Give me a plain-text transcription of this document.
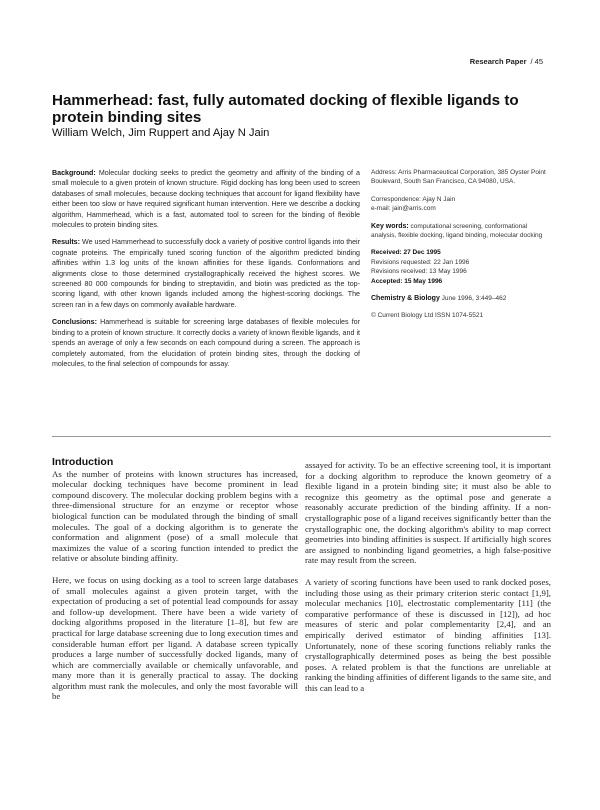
Research Paper / 45
Hammerhead: fast, fully automated docking of flexible ligands to protein binding sites

William Welch, Jim Ruppert and Ajay N Jain

Background: Molecular docking seeks to predict the geometry and affinity of the binding of a small molecule to a given protein of known structure. Rigid docking has long been used to screen databases of small molecules, because docking techniques that account for ligand flexibility have either been too slow or have required significant human intervention. Here we describe a docking algorithm, Hammerhead, which is a fast, automated tool to screen for the binding of flexible molecules to protein binding sites.

Results: We used Hammerhead to successfully dock a variety of positive control ligands into their cognate proteins. The empirically tuned scoring function of the algorithm predicted binding affinities within 1.3 log units of the known affinities for these ligands. Conformations and alignments close to those determined crystallographically received the highest scores. We screened 80 000 compounds for binding to streptavidin, and biotin was predicted as the top-scoring ligand, with other known ligands included among the highest-scoring dockings. The screen ran in a few days on commonly available hardware.

Conclusions: Hammerhead is suitable for screening large databases of flexible molecules for binding to a protein of known structure. It correctly docks a variety of known flexible ligands, and it spends an average of only a few seconds on each compound during a screen. The approach is completely automated, from the elucidation of protein binding sites, through the docking of molecules, to the final selection of compounds for assay.

Address: Arris Pharmaceutical Corporation, 385 Oyster Point Boulevard, South San Francisco, CA 94080, USA.
Correspondence: Ajay N Jain
e-mail: jain@arris.com
Key words: computational screening, conformational analysis, flexible docking, ligand binding, molecular docking
Received: 27 Dec 1995
Revisions requested: 22 Jan 1996
Revisions received: 13 May 1996
Accepted: 15 May 1996
Chemistry & Biology June 1996, 3:449–462
© Current Biology Ltd ISSN 1074-5521
Introduction

As the number of proteins with known structures has increased, molecular docking techniques have become prominent in lead compound discovery. The molecular docking problem begins with a three-dimensional structure for an enzyme or receptor whose biological function can be modulated through the binding of small molecules. The goal of a docking algorithm is to generate the conformation and alignment (pose) of a small molecule that maximizes the value of a scoring function intended to predict the relative or absolute binding affinity.

Here, we focus on using docking as a tool to screen large databases of small molecules against a given protein target, with the expectation of producing a set of potential lead compounds for assay and follow-up development. There have been a wide variety of docking algorithms proposed in the literature [1–8], but few are practical for large database screening due to long execution times and considerable human effort per ligand. A database screen typically produces a large number of successfully docked ligands, many of which are commercially available or chemically unfavorable, and many more than it is generally practical to assay. The docking algorithm must rank the molecules, and only the most favorable will be

assayed for activity. To be an effective screening tool, it is important for a docking algorithm to reproduce the known geometry of a flexible ligand in a protein binding site; it must also be able to recognize this geometry as the optimal pose and generate a reasonably accurate prediction of the binding affinity. If a non-crystallographic pose of a ligand receives significantly better than the crystallographic one, the docking algorithm's ability to map correct geometries into binding affinities is suspect. If artificially high scores are assigned to nonbinding ligand geometries, a high false-positive rate may result from the screen.

A variety of scoring functions have been used to rank docked poses, including those using as their primary criterion steric contact [1,9], molecular mechanics [10], electrostatic complementarity [11] (the comparative performance of these is discussed in [12]), ad hoc measures of steric and polar complementarity [2,4], and an empirically derived estimator of binding affinities [13]. Unfortunately, none of these scoring functions reliably ranks the crystallographically determined poses as being the best possible poses. A related problem is that the functions are unreliable at ranking the binding affinities of different ligands to the same site, and this can lead to a
